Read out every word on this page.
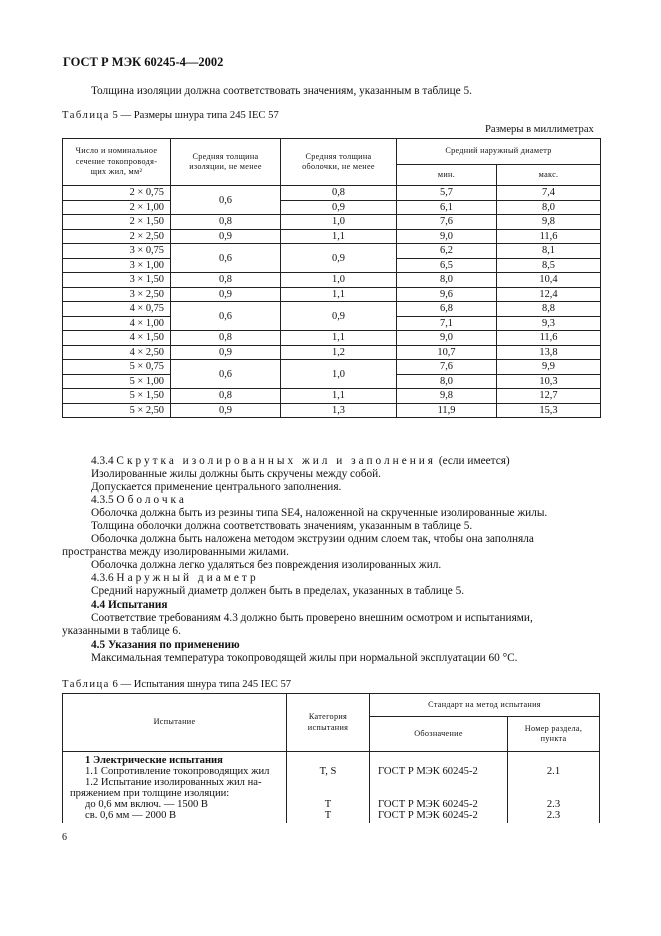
ГОСТ Р МЭК 60245-4—2002
Толщина изоляции должна соответствовать значениям, указанным в таблице 5.
Таблица 5 — Размеры шнура типа 245 IEC 57
Размеры в миллиметрах
Число и номинальное сечение токопроводя-щих жил, мм²	Средняя толщина изоляции, не менее	Средняя толщина оболочки, не менее	Средний наружный диаметр	
			мин.	макс.
2 × 0,75	0,6	0,8	5,7	7,4
2 × 1,00		0,9	6,1	8,0
2 × 1,50	0,8	1,0	7,6	9,8
2 × 2,50	0,9	1,1	9,0	11,6
3 × 0,75	0,6	0,9	6,2	8,1
3 × 1,00			6,5	8,5
3 × 1,50	0,8	1,0	8,0	10,4
3 × 2,50	0,9	1,1	9,6	12,4
4 × 0,75	0,6	0,9	6,8	8,8
4 × 1,00			7,1	9,3
4 × 1,50	0,8	1,1	9,0	11,6
4 × 2,50	0,9	1,2	10,7	13,8
5 × 0,75	0,6	1,0	7,6	9,9
5 × 1,00			8,0	10,3
5 × 1,50	0,8	1,1	9,8	12,7
5 × 2,50	0,9	1,3	11,9	15,3
4.3.4 Скрутка изолированных жил и заполнения (если имеется)
Изолированные жилы должны быть скручены между собой.
Допускается применение центрального заполнения.
4.3.5 Оболочка
Оболочка должна быть из резины типа SE4, наложенной на скрученные изолированные жилы.
Толщина оболочки должна соответствовать значениям, указанным в таблице 5.
Оболочка должна быть наложена методом экструзии одним слоем так, чтобы она заполняла
пространства между изолированными жилами.
Оболочка должна легко удаляться без повреждения изолированных жил.
4.3.6 Наружный диаметр
Средний наружный диаметр должен быть в пределах, указанных в таблице 5.
4.4 Испытания
Соответствие требованиям 4.3 должно быть проверено внешним осмотром и испытаниями,
указанными в таблице 6.
4.5 Указания по применению
Максимальная температура токопроводящей жилы при нормальной эксплуатации 60 °С.
Таблица 6 — Испытания шнура типа 245 IEC 57
Испытание	Категория испытания	Стандарт на метод испытания	
		Обозначение	Номер раздела, пункта
1 Электрические испытания			
1.1 Сопротивление токопроводящих жил	T, S	ГОСТ Р МЭК 60245-2	2.1
1.2 Испытание изолированных жил на-			
пряжением при толщине изоляции:			
до 0,6 мм включ. — 1500 В	T	ГОСТ Р МЭК 60245-2	2.3
св. 0,6 мм — 2000 В	T	ГОСТ Р МЭК 60245-2	2.3
6
